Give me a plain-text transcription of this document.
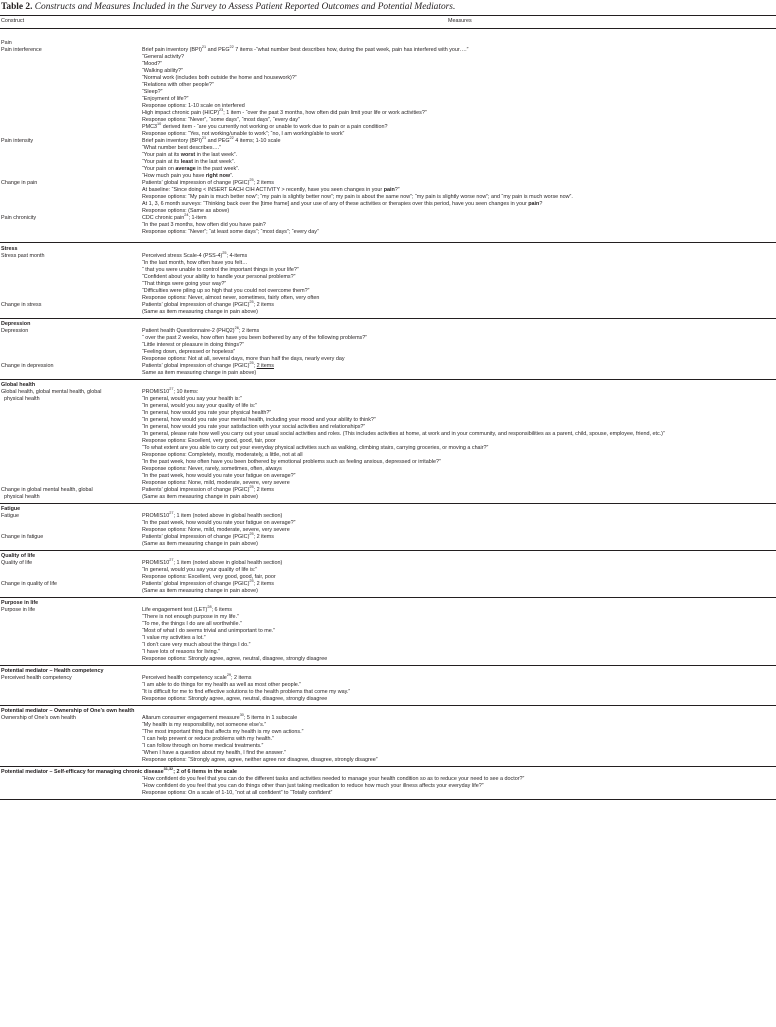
Table 2. Constructs and Measures Included in the Survey to Assess Patient Reported Outcomes and Potential Mediators.
Construct	Measures
Pain
Pain interference	Brief pain inventory (BPI)$^{21}$ and PEG$^{22}$ 7 items -“what number best describes how, during the past week, pain has interfered with your….”
“General activity?
“Mood?”
“Walking ability?”
“Normal work (includes both outside the home and housework)?”
“Relations with other people?”
“Sleep?”
“Enjoyment of life?”
Response options: 1-10 scale on interfered
High impact chronic pain (HICP)$^{23}$; 1 item - “over the past 3 months, how often did pain limit your life or work activities?”
Response options: “Never”, “some days”, “most days”, “every day”
$PMC3^{10}$ derived item - “are you currently not working or unable to work due to pain or a pain condition?
Response options: “Yes, not working/unable to work”; “no, I am working/able to work”
Pain intensity	Brief pain inventory (BPI)$^{21}$ and PEG$^{22}$ 4 items; 1-10 scale
“What number best describes….”
“Your pain at its worst in the last week”.
“Your pain at its least in the last week”.
“Your pain on average in the past week”.
“How much pain you have right now”.
Change in pain	Patients’ global impression of change (PGIC)$^{25}$; 2 items
At baseline: “Since doing < INSERT EACH CIH ACTIVITY > recently, have you seen changes in your pain?”
Response options: “My pain is much better now”; “my pain is slightly better now”; my pain is about the same now”; “my pain is slightly worse now”; and “my pain is much worse now”.
At 1, 3, 6 month surveys: “Thinking back over the [time frame] and your use of any of these activities or therapies over this period, have you seen changes in your pain?
Response options: (Same as above)
Pain chronicity	CDC chronic pain$^{24}$; 1-item
“In the past 3 months, how often did you have pain?
Response options: “Never”; “at least some days”; “most days”; “every day”
Stress
Stress past month	Perceived stress Scale-4 $(PSS-4)^{25}$; 4-items
“In the last month, how often have you felt…
“ that you were unable to control the important things in your life?”
“Confident about your ability to handle your personal problems?”
“That things were going your way?”
“Difficulties were piling up so high that you could not overcome them?”
Response options: Never, almost never, sometimes, fairly often, very often
Change in stress	Patients’ global impression of change (PGIC)$^{25}$; 2 items
(Same as item measuring change in pain above)
Depression
Depression	Patient health Questionnaire-2 $(PHQ2)^{26}$; 2 items
“ over the past 2 weeks, how often have you been bothered by any of the following problems?”
“Little interest or pleasure in doing things?”
“Feeling down, depressed or hopeless”
Response options: Not at all, several days, more than half the days, nearly every day
Change in depression	Patients’ global impression of change (PGIC)$^{25}$; 2 items
Same as item measuring change in pain above)
Global health
Global health, global mental health, global	$PROMIS10^{27}$; 10 items:
physical health	“In general, would you say your health is:”
“In general, would you say your quality of life is:”
“In general, how would you rate your physical health?”
“In general, how would you rate your mental health, including your mood and your ability to think?”
“In general, how would you rate your satisfaction with your social activities and relationships?”
“In general, please rate how well you carry out your usual social activities and roles. (This includes activities at home, at work and in your community, and responsibilities as a parent, child, spouse, employee, friend, etc.)”
Response options: Excellent, very good, good, fair, poor
“To what extent are you able to carry out your everyday physical activities such as walking, climbing stairs, carrying groceries, or moving a chair?”
Response options: Completely, mostly, moderately, a little, not at all
“In the past week, how often have you been bothered by emotional problems such as feeling anxious, depressed or irritable?”
Response options: Never, rarely, sometimes, often, always
“In the past week, how would you rate your fatigue on average?”
Response options: None, mild, moderate, severe, very severe
Change in global mental health, global	Patients’ global impression of change (PGIC)$^{25}$; 2 items
physical health	(Same as item measuring change in pain above)
Fatigue
Fatigue	$PROMIS10^{27}$; 1 item (noted above in global health section)
“In the past week, how would you rate your fatigue on average?”
Response options: None, mild, moderate, severe, very severe
Change in fatigue	Patients’ global impression of change (PGIC)$^{25}$; 2 items
(Same as item measuring change in pain above)
Quality of life
Quality of life	$PROMIS10^{27}$; 1 item (noted above in global health section)
“In general, would you say your quality of life is:”
Response options: Excellent, very good, good, fair, poor
Change in quality of life	Patients’ global impression of change (PGIC)$^{25}$; 2 items
(Same as item measuring change in pain above)
Purpose in life
Purpose in life	Life engagement test (LET)$^{28}$; 6 items
“There is not enough purpose in my life.”
“To me, the things I do are all worthwhile.”
“Most of what I do seems trivial and unimportant to me.”
“I value my activities a lot.”
“I don’t care very much about the things I do.”
“I have lots of reasons for living.”
Response options: Strongly agree, agree, neutral, disagree, strongly disagree
Potential mediator – Health competency
Perceived health competency	Perceived health competency scale$^{29}$; 2 items
“I am able to do things for my health as well as most other people.”
“It is difficult for me to find effective solutions to the health problems that come my way.”
Response options: Strongly agree, agree, neutral, disagree, strongly disagree
Potential mediator – Ownership of One’s own health
Ownership of One’s own health	Altarum consumer engagement measure$^{30}$; 5 items in 1 subscale
“My health is my responsibility, not someone else’s.”
“The most important thing that affects my health is my own actions.”
“I can help prevent or reduce problems with my health.”
“I can follow through on home medical treatments.”
“When I have a question about my health, I find the answer.”
Response options: “Strongly agree, agree, neither agree nor disagree, disagree, strongly disagree”
Potential mediator – Self-efficacy for managing chronic disease$^{31,32}$; 2 of 6 items in the scale
“How confident do you feel that you can do the different tasks and activities needed to manage your health condition so as to reduce your need to see a doctor?”
“How confident do you feel that you can do things other than just taking medication to reduce how much your illness affects your everyday life?”
Response options: On a scale of 1-10, “not at all confident” to “Totally confident”
